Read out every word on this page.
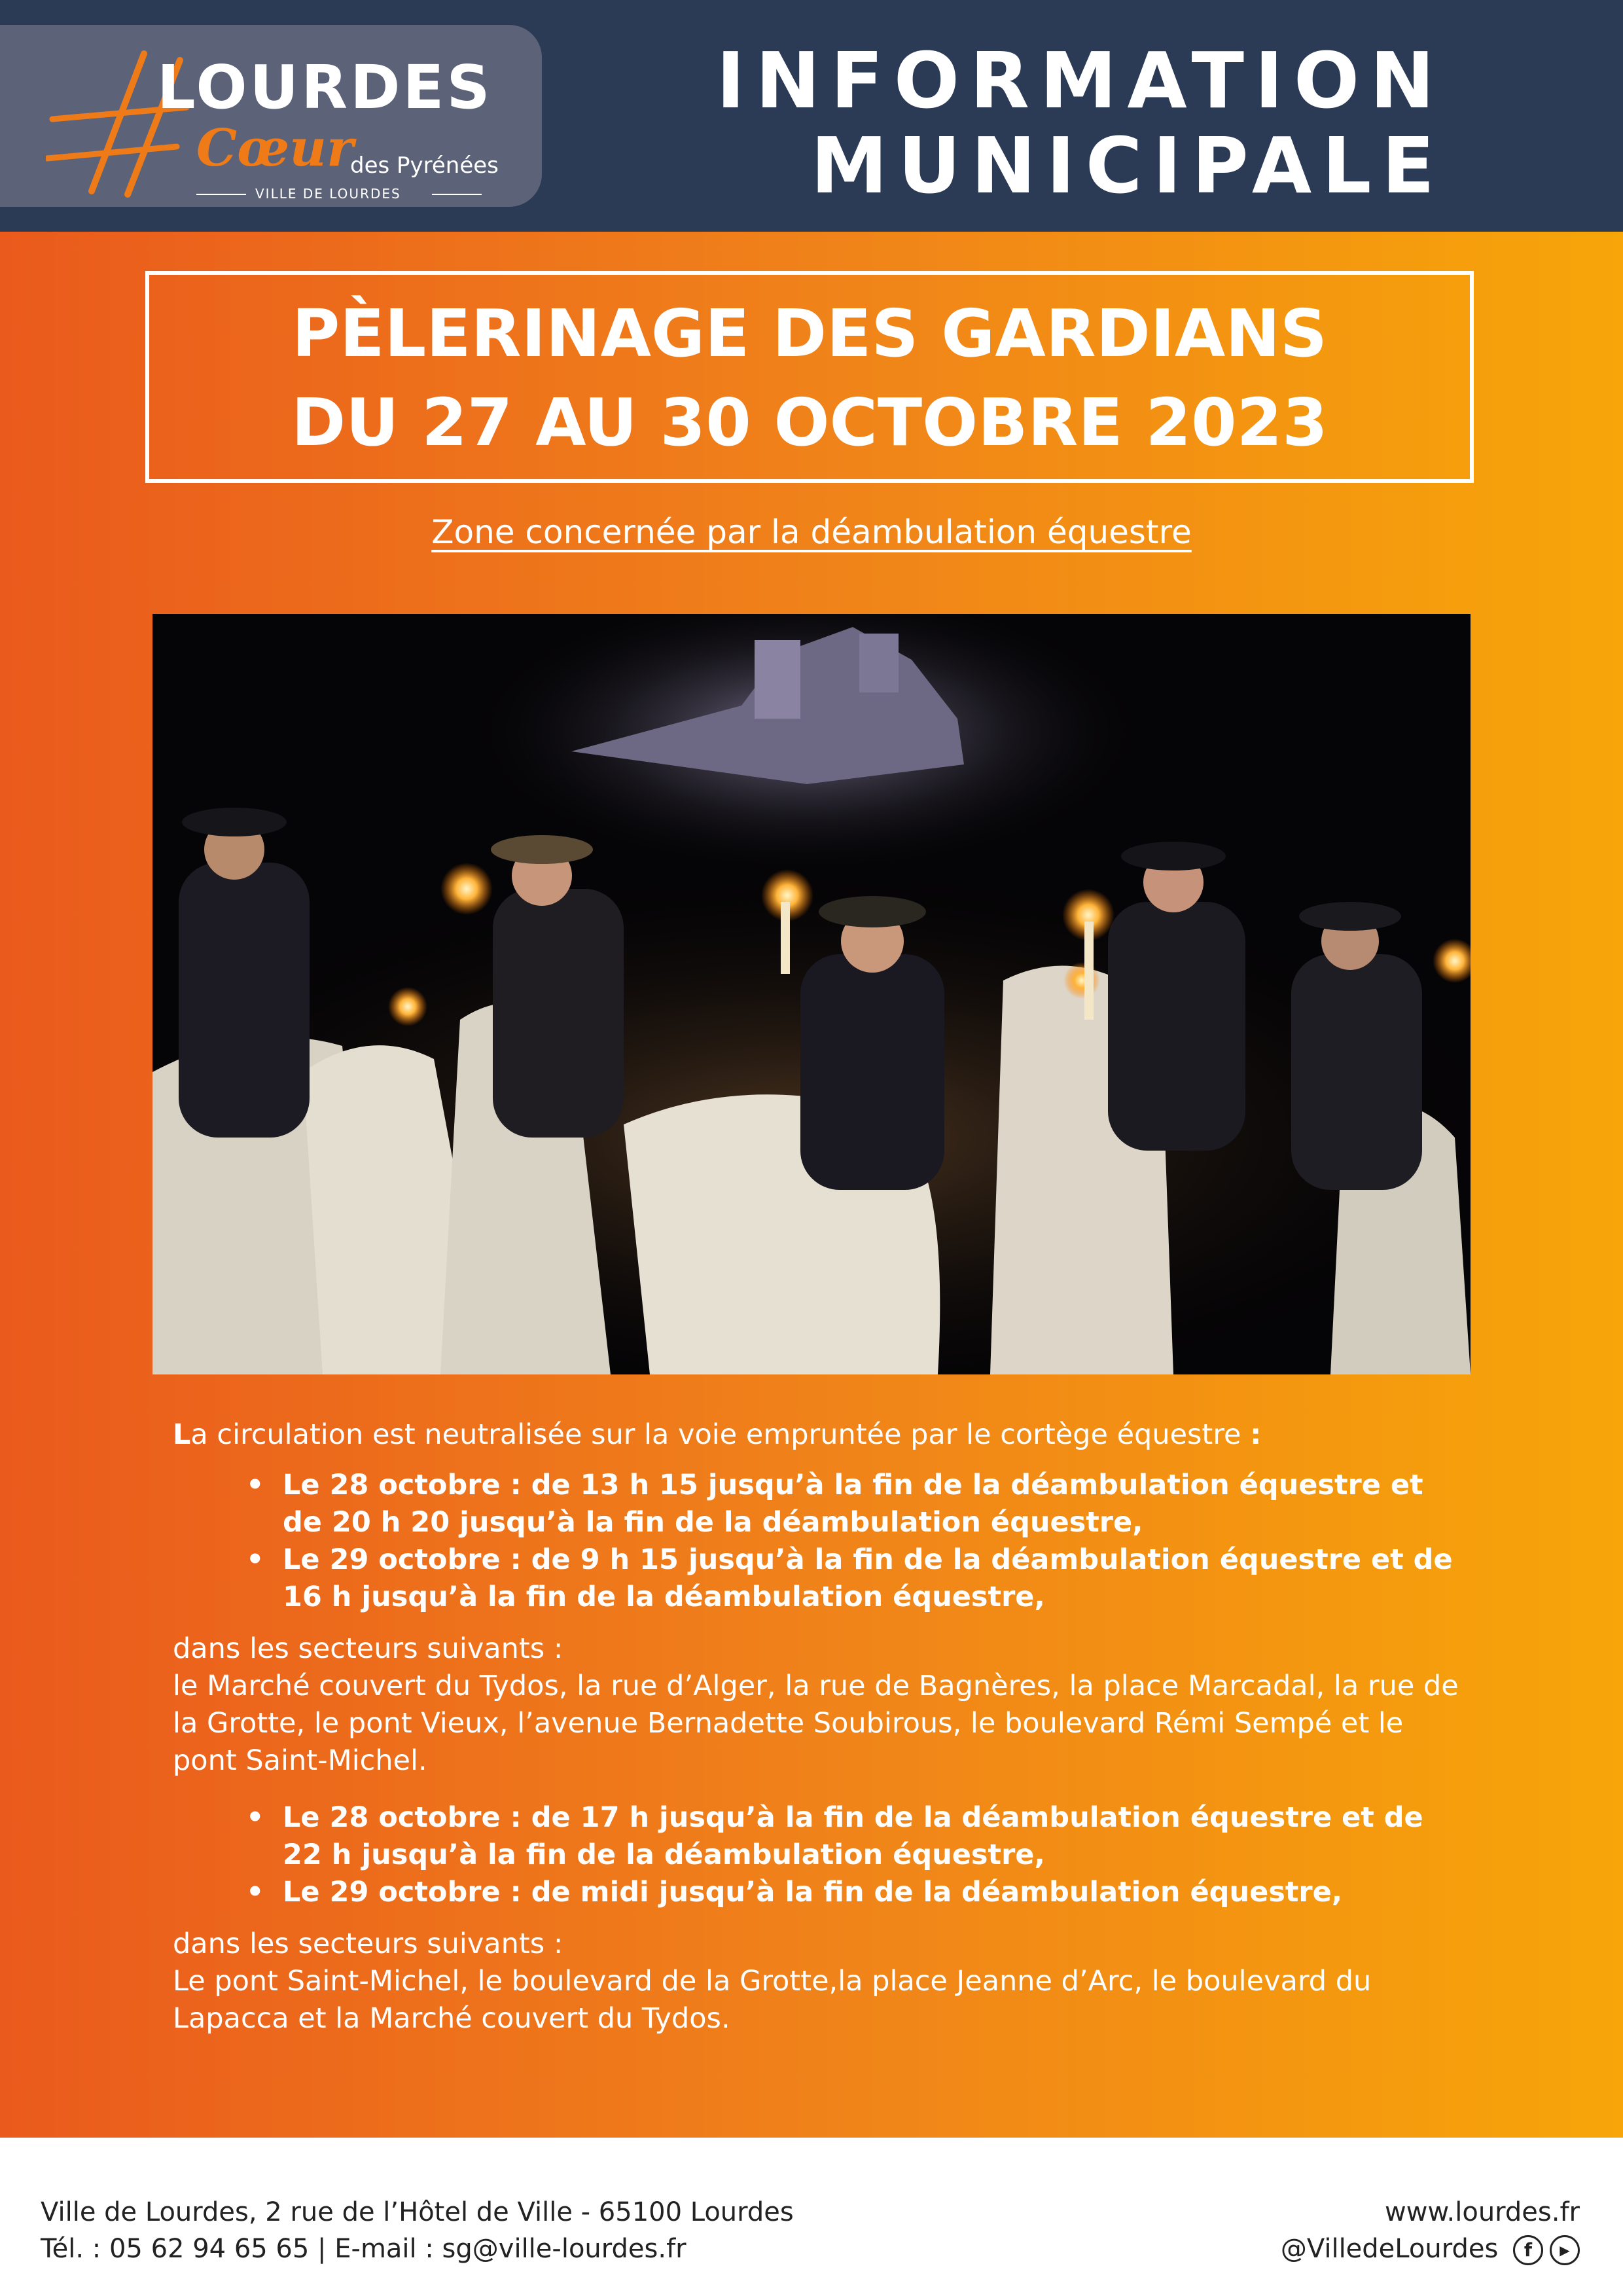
LOURDES
Cœur
des Pyrénées
VILLE DE LOURDES
INFORMATION
MUNICIPALE
PÈLERINAGE DES GARDIANS
DU 27 AU 30 OCTOBRE 2023
Zone concernée par la déambulation équestre

La circulation est neutralisée sur la voie empruntée par le cortège équestre :

• Le 28 octobre : de 13 h 15 jusqu’à la fin de la déambulation équestre et de 20 h 20 jusqu’à la fin de la déambulation équestre,
• Le 29 octobre : de 9 h 15 jusqu’à la fin de la déambulation équestre et de 16 h jusqu’à la fin de la déambulation équestre,

dans les secteurs suivants :

le Marché couvert du Tydos, la rue d’Alger, la rue de Bagnères, la place Marcadal, la rue de la Grotte, le pont Vieux, l’avenue Bernadette Soubirous, le boulevard Rémi Sempé et le pont Saint-Michel.

• Le 28 octobre : de 17 h jusqu’à la fin de la déambulation équestre et de 22 h jusqu’à la fin de la déambulation équestre,
• Le 29 octobre : de midi jusqu’à la fin de la déambulation équestre,

dans les secteurs suivants :

Le pont Saint-Michel, le boulevard de la Grotte,la place Jeanne d’Arc, le boulevard du Lapacca et la Marché couvert du Tydos.

Ville de Lourdes, 2 rue de l’Hôtel de Ville - 65100 Lourdes
Tél. : 05 62 94 65 65 | E-mail : sg@ville-lourdes.fr
www.lourdes.fr
@VilledeLourdes	f	▶
